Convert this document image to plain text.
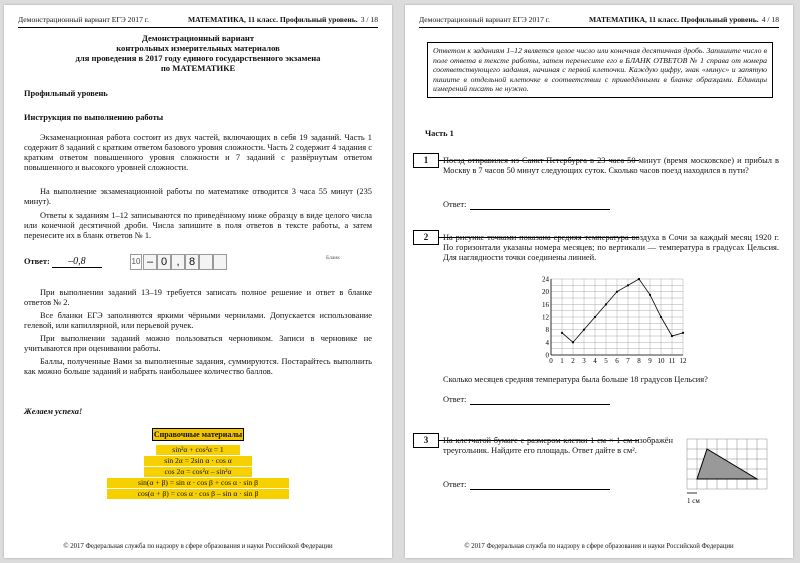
Демонстрационный вариант ЕГЭ 2017 г.	МАТЕМАТИКА, 11 класс. Профильный уровень. 3 / 18
Демонстрационный вариант
контрольных измерительных материалов
для проведения в 2017 году единого государственного экзамена
по МАТЕМАТИКЕ
Профильный уровень
Инструкция по выполнению работы
Экзаменационная работа состоит из двух частей, включающих в себя 19 заданий. Часть 1 содержит 8 заданий с кратким ответом базового уровня сложности. Часть 2 содержит 4 задания с кратким ответом повышенного уровня сложности и 7 заданий с развёрнутым ответом повышенного и высокого уровней сложности.
На выполнение экзаменационной работы по математике отводится 3 часа 55 минут (235 минут).
Ответы к заданиям 1–12 записываются по приведённому ниже образцу в виде целого числа или конечной десятичной дроби. Числа запишите в поля ответов в тексте работы, а затем перенесите их в бланк ответов № 1.
Ответ: –0,8	10 – 0 , 8	Бланк
При выполнении заданий 13–19 требуется записать полное решение и ответ в бланке ответов № 2.
Все бланки ЕГЭ заполняются яркими чёрными чернилами. Допускается использование гелевой, или капиллярной, или перьевой ручек.
При выполнении заданий можно пользоваться черновиком. Записи в черновике не учитываются при оценивании работы.
Баллы, полученные Вами за выполненные задания, суммируются. Постарайтесь выполнить как можно больше заданий и набрать наибольшее количество баллов.
Желаем успеха!
Справочные материалы
sin²α + cos²α = 1
sin 2α = 2sin α · cos α
cos 2α = cos²α – sin²α
sin(α + β) = sin α · cos β + cos α · sin β
cos(α + β) = cos α · cos β – sin α · sin β
© 2017 Федеральная служба по надзору в сфере образования и науки Российской Федерации
Демонстрационный вариант ЕГЭ 2017 г.	МАТЕМАТИКА, 11 класс. Профильный уровень. 4 / 18
Ответом к заданиям 1–12 является целое число или конечная десятичная дробь. Запишите число в поле ответа в тексте работы, затем перенесите его в БЛАНК ОТВЕТОВ № 1 справа от номера соответствующего задания, начиная с первой клеточки. Каждую цифру, знак «минус» и запятую пишите в отдельной клеточке в соответствии с приведёнными в бланке образцами. Единицы измерений писать не нужно.
Часть 1
1	Поезд отправился из Санкт-Петербурга в 23 часа 50 минут (время московское) и прибыл в Москву в 7 часов 50 минут следующих суток. Сколько часов поезд находился в пути?
Ответ:
2	На рисунке точками показана средняя температура воздуха в Сочи за каждый месяц 1920 г. По горизонтали указаны номера месяцев; по вертикали — температура в градусах Цельсия. Для наглядности точки соединены линией.
0
4
8
12
16
20
24
0 1 2 3 4 5 6 7 8 9 10 11 12
Сколько месяцев средняя температура была больше 18 градусов Цельсия?
Ответ:
3	На клетчатой бумаге с размером клетки 1 см × 1 см изображён треугольник. Найдите его площадь. Ответ дайте в см².
Ответ:
1 см
© 2017 Федеральная служба по надзору в сфере образования и науки Российской Федерации
